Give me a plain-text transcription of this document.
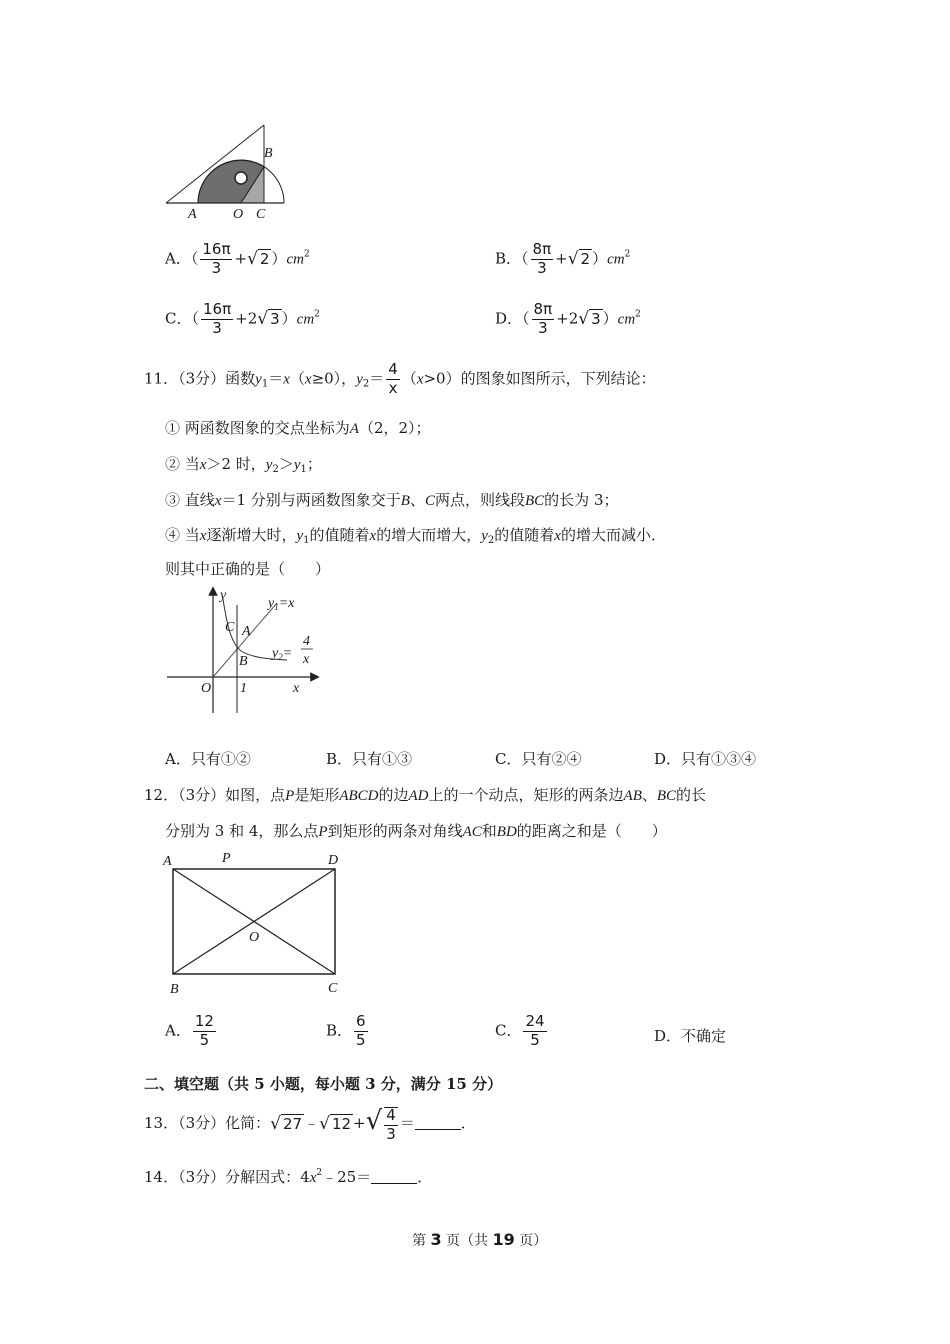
A	O C
B
A．（ $\frac{16\pi}{3}$ +√ 2 ）$cm^2$	B．（ $\frac{8\pi}{3}$ +√ 2 ）$cm^2$
C．（ $\frac{16\pi}{3} +2√$ 3 ）$cm^2$	D．（ $\frac{8\pi}{3} +2√$ 3 ）$cm^2$
11．（3分）函数$y_1=x(x\ge 0)$，$y_2= \frac{4}{x} (x>0)$的图象如图所示，下列结论：
① 两函数图象的交点坐标为A（2，2）；
② 当x＞2 时，$y_2>y_1$；
③ 直线x＝1 分别与两函数图象交于B、C两点，则线段BC的长为 3；
④ 当x逐渐增大时，$y_1$的值随着x的增大而增大，$y_2$的值随着x的增大而减小．
则其中正确的是（　　）
y
$y_1=x$
C A
B
$y_2=$
4
x
O 1	x
A．只有①②	B．只有①③	C．只有②④	D．只有①③④
12．（3分）如图，点P是矩形ABCD的边AD上的一个动点，矩形的两条边AB、BC的长
分别为 3 和 4，那么点P到矩形的两条对角线AC和BD的距离之和是（　　）
A	P	D
O
B	C
A． $\frac{12}{5}$	B． $\frac{6}{5}$	C． $\frac{24}{5}$	D．不确定
二、填空题（共 5 小题，每小题 3 分，满分 15 分）
13．（3分）化简：√ 27 ﹣√ 12 +√ $\frac{4}{3}$ ＝	．
14．（3分）分解因式：$4x^2﹣25=$	．
第 3 页（共 19 页）
